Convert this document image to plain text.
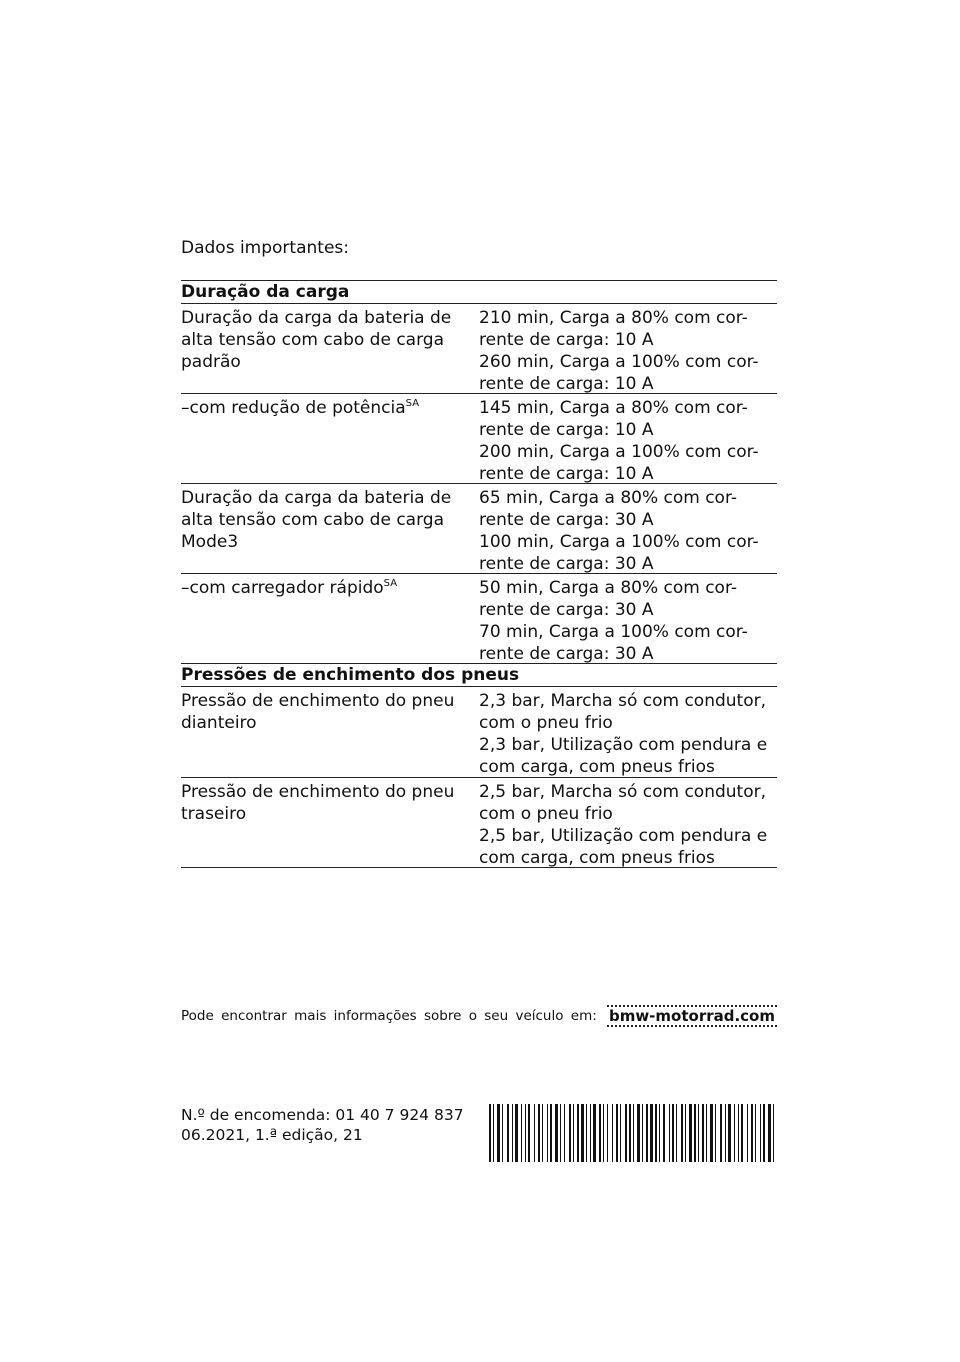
Dados importantes:
Duração da carga
Duração da carga da bateria de alta tensão com cabo de carga padrão
210 min, Carga a 80% com cor-rente de carga: 10 A
260 min, Carga a 100% com cor-rente de carga: 10 A
–com redução de potência$^{SA}$	145 min, Carga a 80% com cor-rente de carga: 10 A
200 min, Carga a 100% com cor-rente de carga: 10 A
Duração da carga da bateria de alta tensão com cabo de carga Mode3
65 min, Carga a 80% com cor-rente de carga: 30 A
100 min, Carga a 100% com cor-rente de carga: 30 A
–com carregador rápido$^{SA}$	50 min, Carga a 80% com cor-rente de carga: 30 A
70 min, Carga a 100% com cor-rente de carga: 30 A
Pressões de enchimento dos pneus
Pressão de enchimento do pneu dianteiro
2,3 bar, Marcha só com condutor, com o pneu frio
2,3 bar, Utilização com pendura e com carga, com pneus frios
Pressão de enchimento do pneu traseiro
2,5 bar, Marcha só com condutor, com o pneu frio
2,5 bar, Utilização com pendura e com carga, com pneus frios
Pode encontrar mais informações sobre o seu veículo em: bmw-motorrad.com
N.º de encomenda: 01 40 7 924 837
06.2021, 1.ª edição, 21
